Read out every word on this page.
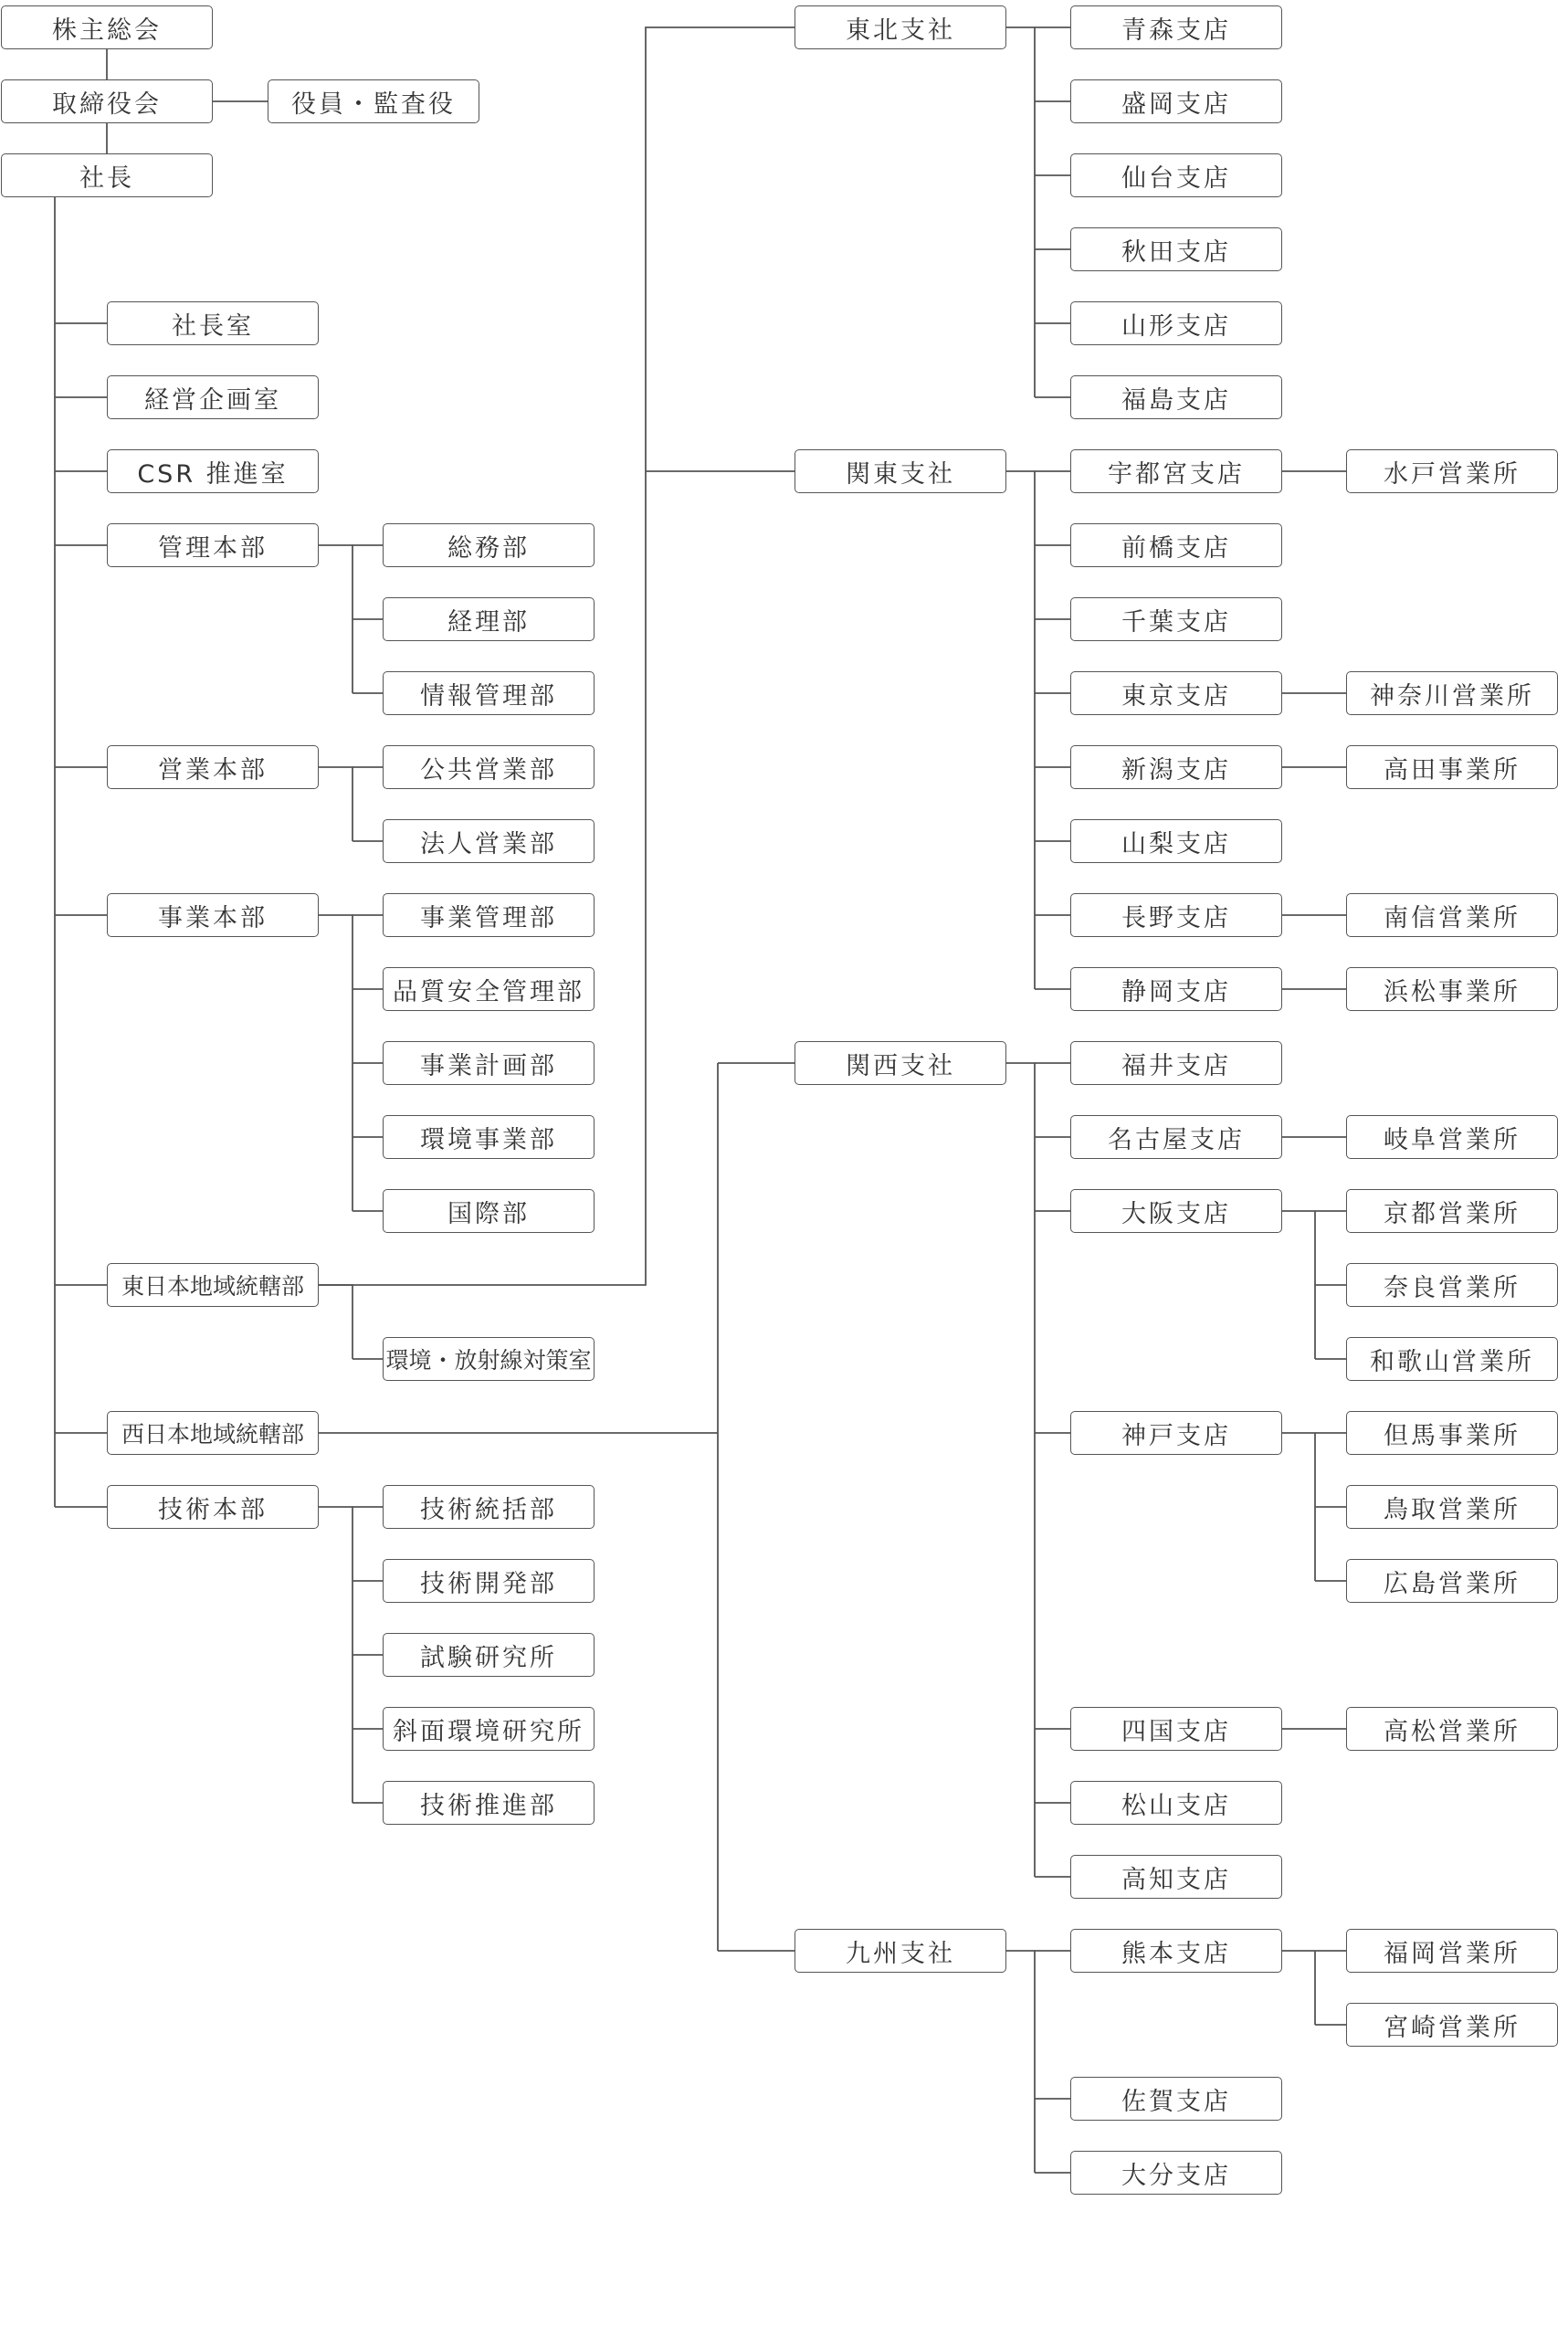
株主総会
取締役会	役員・監査役
社長
社長室
経営企画室
CSR 推進室
管理本部	総務部
経理部
情報管理部
営業本部	公共営業部
法人営業部
事業本部	事業管理部
品質安全管理部
事業計画部
環境事業部
国際部
東日本地域統轄部
環境・放射線対策室
西日本地域統轄部
技術本部	技術統括部
技術開発部
試験研究所
斜面環境研究所
技術推進部
東北支社	青森支店
盛岡支店
仙台支店
秋田支店
山形支店
福島支店
関東支社	宇都宮支店
前橋支店
千葉支店
東京支店
新潟支店
山梨支店
長野支店
静岡支店
関西支社	福井支店
名古屋支店
大阪支店
神戸支店
四国支店
松山支店
高知支店
九州支社	熊本支店
佐賀支店
大分支店
水戸営業所
神奈川営業所
高田事業所
南信営業所
浜松事業所
岐阜営業所
京都営業所
奈良営業所
和歌山営業所
但馬事業所
鳥取営業所
広島営業所
高松営業所
福岡営業所
宮崎営業所
